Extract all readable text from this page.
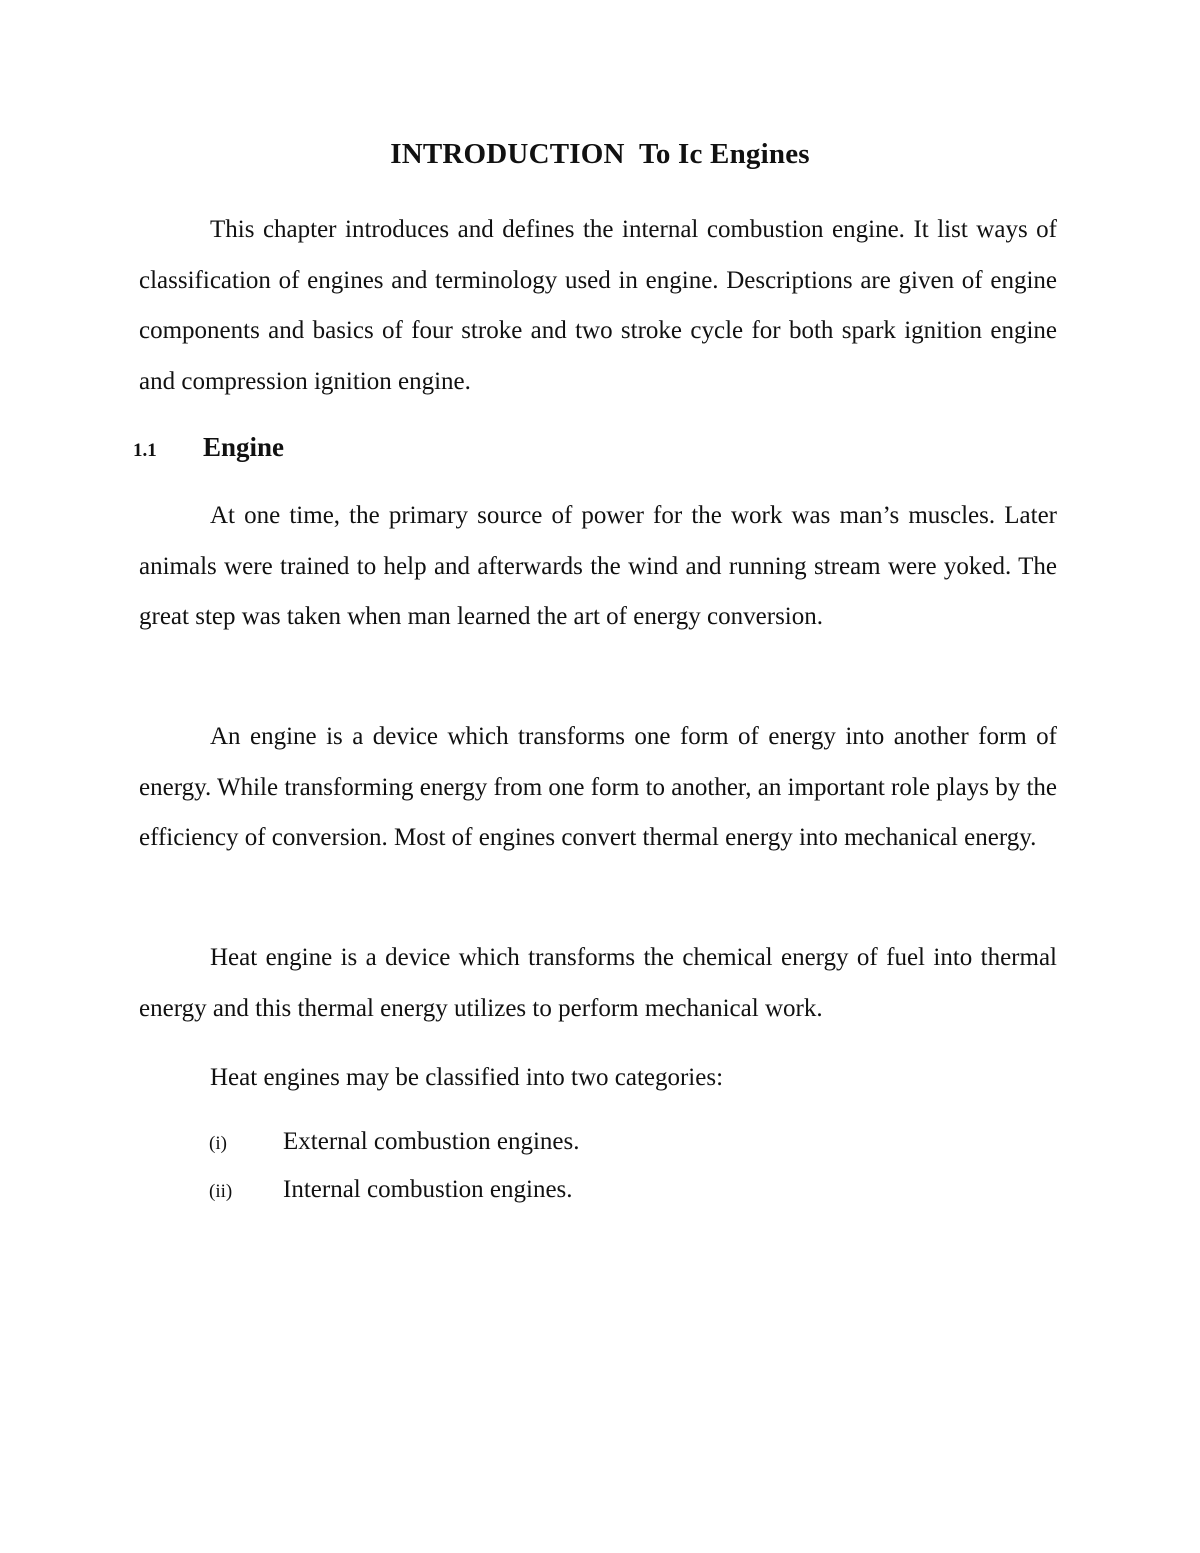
INTRODUCTION  To Ic Engines

This chapter introduces and defines the internal combustion engine. It list ways of classification of engines and terminology used in engine. Descriptions are given of engine components and basics of four stroke and two stroke cycle for both spark ignition engine and compression ignition engine.

1.1	Engine

At one time, the primary source of power for the work was man’s muscles. Later animals were trained to help and afterwards the wind and running stream were yoked. The great step was taken when man learned the art of energy conversion.

An engine is a device which transforms one form of energy into another form of energy. While transforming energy from one form to another, an important role plays by the efficiency of conversion. Most of engines convert thermal energy into mechanical energy.

Heat engine is a device which transforms the chemical energy of fuel into thermal energy and this thermal energy utilizes to perform mechanical work.

Heat engines may be classified into two categories:

(i)	External combustion engines.
(ii)	Internal combustion engines.
